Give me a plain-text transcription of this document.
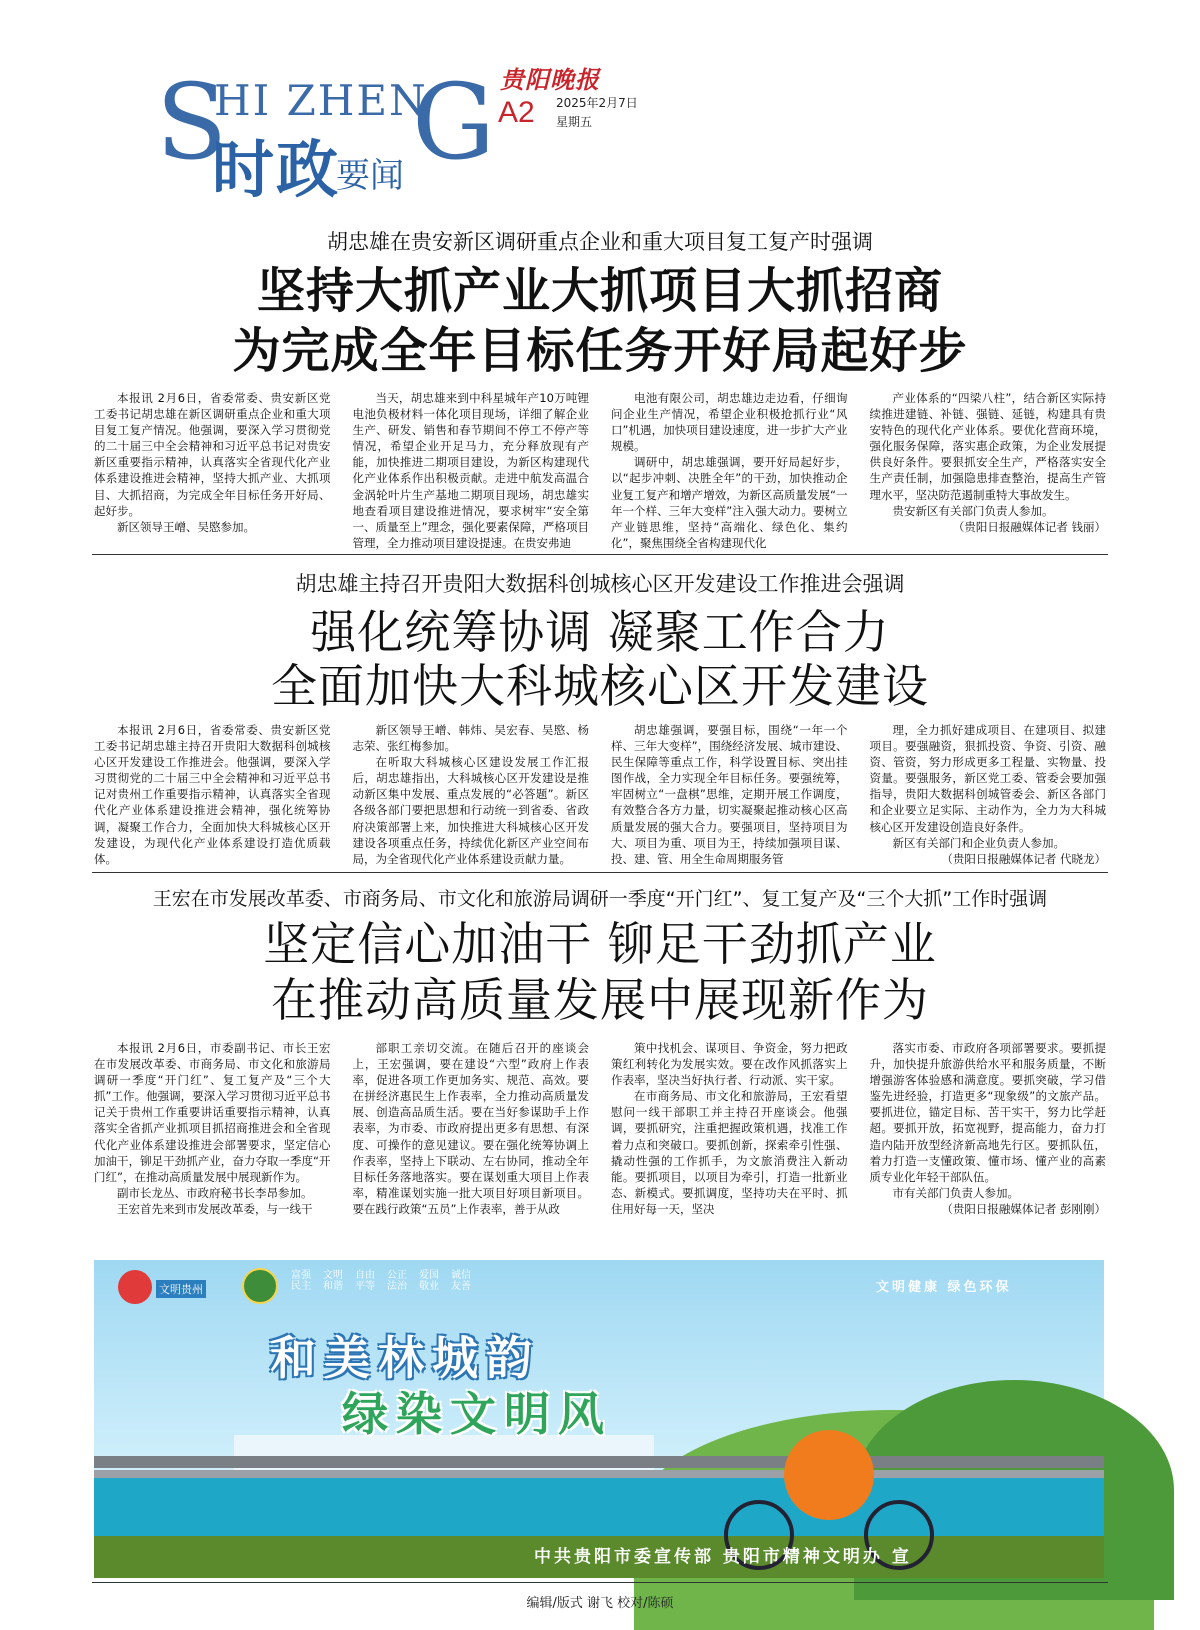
S
HI ZHEN
G
时政
要闻
贵阳晚报
A2 2025年2月7日
星期五
胡忠雄在贵安新区调研重点企业和重大项目复工复产时强调
坚持大抓产业大抓项目大抓招商
为完成全年目标任务开好局起好步

本报讯 2月6日，省委常委、贵安新区党工委书记胡忠雄在新区调研重点企业和重大项目复工复产情况。他强调，要深入学习贯彻党的二十届三中全会精神和习近平总书记对贵安新区重要指示精神，认真落实全省现代化产业体系建设推进会精神，坚持大抓产业、大抓项目、大抓招商，为完成全年目标任务开好局、起好步。

新区领导王嶒、吴愍参加。

当天，胡忠雄来到中科星城年产10万吨锂电池负极材料一体化项目现场，详细了解企业生产、研发、销售和春节期间不停工不停产等情况，希望企业开足马力，充分释放现有产能，加快推进二期项目建设，为新区构建现代化产业体系作出积极贡献。走进中航发高温合金涡轮叶片生产基地二期项目现场，胡忠雄实地查看项目建设推进情况，要求树牢“安全第一、质量至上”理念，强化要素保障，严格项目管理，全力推动项目建设提速。在贵安弗迪

电池有限公司，胡忠雄边走边看，仔细询问企业生产情况，希望企业积极抢抓行业“风口”机遇，加快项目建设速度，进一步扩大产业规模。

调研中，胡忠雄强调，要开好局起好步，以“起步冲刺、决胜全年”的干劲，加快推动企业复工复产和增产增效，为新区高质量发展“一年一个样、三年大变样”注入强大动力。要树立产业链思维，坚持“高端化、绿色化、集约化”，聚焦围绕全省构建现代化

产业体系的“四梁八柱”，结合新区实际持续推进建链、补链、强链、延链，构建具有贵安特色的现代化产业体系。要优化营商环境，强化服务保障，落实惠企政策，为企业发展提供良好条件。要狠抓安全生产，严格落实安全生产责任制，加强隐患排查整治，提高生产管理水平，坚决防范遏制重特大事故发生。

贵安新区有关部门负责人参加。

（贵阳日报融媒体记者 钱丽）

胡忠雄主持召开贵阳大数据科创城核心区开发建设工作推进会强调
强化统筹协调 凝聚工作合力
全面加快大科城核心区开发建设

本报讯 2月6日，省委常委、贵安新区党工委书记胡忠雄主持召开贵阳大数据科创城核心区开发建设工作推进会。他强调，要深入学习贯彻党的二十届三中全会精神和习近平总书记对贵州工作重要指示精神，认真落实全省现代化产业体系建设推进会精神，强化统筹协调，凝聚工作合力，全面加快大科城核心区开发建设，为现代化产业体系建设打造优质载体。

新区领导王嶒、韩炜、吴宏春、吴愍、杨志荣、张红梅参加。

在听取大科城核心区建设发展工作汇报后，胡忠雄指出，大科城核心区开发建设是推动新区集中发展、重点发展的“必答题”。新区各级各部门要把思想和行动统一到省委、省政府决策部署上来，加快推进大科城核心区开发建设各项重点任务，持续优化新区产业空间布局，为全省现代化产业体系建设贡献力量。

胡忠雄强调，要强目标，围绕“一年一个样、三年大变样”，围绕经济发展、城市建设、民生保障等重点工作，科学设置目标、突出挂图作战，全力实现全年目标任务。要强统筹，牢固树立“一盘棋”思维，定期开展工作调度，有效整合各方力量，切实凝聚起推动核心区高质量发展的强大合力。要强项目，坚持项目为大、项目为重、项目为王，持续加强项目谋、投、建、管、用全生命周期服务管

理，全力抓好建成项目、在建项目、拟建项目。要强融资，狠抓投资、争资、引资、融资、管资，努力形成更多工程量、实物量、投资量。要强服务，新区党工委、管委会要加强指导，贵阳大数据科创城管委会、新区各部门和企业要立足实际、主动作为，全力为大科城核心区开发建设创造良好条件。

新区有关部门和企业负责人参加。

（贵阳日报融媒体记者 代晓龙）

王宏在市发展改革委、市商务局、市文化和旅游局调研一季度“开门红”、复工复产及“三个大抓”工作时强调
坚定信心加油干 铆足干劲抓产业
在推动高质量发展中展现新作为

本报讯 2月6日，市委副书记、市长王宏在市发展改革委、市商务局、市文化和旅游局调研一季度“开门红”、复工复产及“三个大抓”工作。他强调，要深入学习贯彻习近平总书记关于贵州工作重要讲话重要指示精神，认真落实全省抓产业抓项目抓招商推进会和全省现代化产业体系建设推进会部署要求，坚定信心加油干，铆足干劲抓产业，奋力夺取一季度“开门红”，在推动高质量发展中展现新作为。

副市长龙丛、市政府秘书长李昂参加。

王宏首先来到市发展改革委，与一线干

部职工亲切交流。在随后召开的座谈会上，王宏强调，要在建设“六型”政府上作表率，促进各项工作更加务实、规范、高效。要在拼经济惠民生上作表率，全力推动高质量发展、创造高品质生活。要在当好参谋助手上作表率，为市委、市政府提出更多有思想、有深度、可操作的意见建议。要在强化统筹协调上作表率，坚持上下联动、左右协同，推动全年目标任务落地落实。要在谋划重大项目上作表率，精准谋划实施一批大项目好项目新项目。要在践行政策“五员”上作表率，善于从政

策中找机会、谋项目、争资金，努力把政策红利转化为发展实效。要在改作风抓落实上作表率，坚决当好执行者、行动派、实干家。

在市商务局、市文化和旅游局，王宏看望慰问一线干部职工并主持召开座谈会。他强调，要抓研究，注重把握政策机遇，找准工作着力点和突破口。要抓创新，探索牵引性强、撬动性强的工作抓手，为文旅消费注入新动能。要抓项目，以项目为牵引，打造一批新业态、新模式。要抓调度，坚持功夫在平时、抓住用好每一天，坚决

落实市委、市政府各项部署要求。要抓提升，加快提升旅游供给水平和服务质量，不断增强游客体验感和满意度。要抓突破，学习借鉴先进经验，打造更多“现象级”的文旅产品。要抓进位，锚定目标、苦干实干，努力比学赶超。要抓开放，拓宽视野，提高能力，奋力打造内陆开放型经济新高地先行区。要抓队伍，着力打造一支懂政策、懂市场、懂产业的高素质专业化年轻干部队伍。

市有关部门负责人参加。

（贵阳日报融媒体记者 彭刚刚）

文明贵州
富强民主
文明和谐
自由平等
公正法治
爱国敬业
诚信友善	文明健康 绿色环保
和美林城韵
绿染文明风
中共贵阳市委宣传部 贵阳市精神文明办 宣
编辑/版式 谢飞 校对/陈硕
